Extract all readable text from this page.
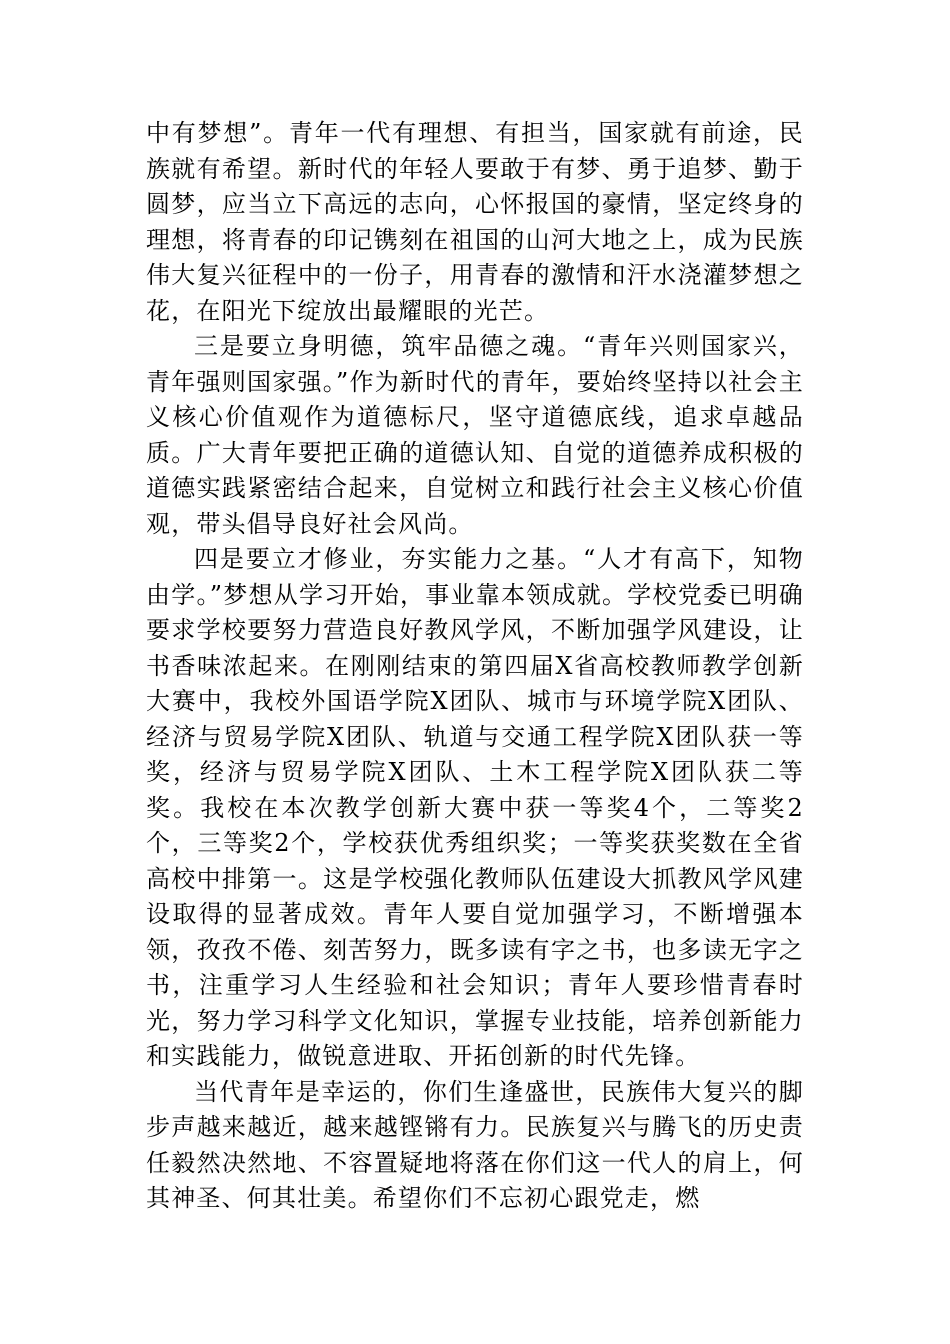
中有梦想”。青年一代有理想、有担当，国家就有前途，民族就有希望。新时代的年轻人要敢于有梦、勇于追梦、勤于圆梦，应当立下高远的志向，心怀报国的豪情，坚定终身的理想，将青春的印记镌刻在祖国的山河大地之上，成为民族伟大复兴征程中的一份子，用青春的激情和汗水浇灌梦想之花，在阳光下绽放出最耀眼的光芒。

三是要立身明德，筑牢品德之魂。“青年兴则国家兴，青年强则国家强。”作为新时代的青年，要始终坚持以社会主义核心价值观作为道德标尺，坚守道德底线，追求卓越品质。广大青年要把正确的道德认知、自觉的道德养成积极的道德实践紧密结合起来，自觉树立和践行社会主义核心价值观，带头倡导良好社会风尚。

四是要立才修业，夯实能力之基。“人才有高下，知物由学。”梦想从学习开始，事业靠本领成就。学校党委已明确要求学校要努力营造良好教风学风，不断加强学风建设，让书香味浓起来。在刚刚结束的第四届X省高校教师教学创新大赛中，我校外国语学院X团队、城市与环境学院X团队、经济与贸易学院X团队、轨道与交通工程学院X团队获一等奖，经济与贸易学院X团队、土木工程学院X团队获二等奖。我校在本次教学创新大赛中获一等奖4个，二等奖2个，三等奖2个，学校获优秀组织奖；一等奖获奖数在全省高校中排第一。这是学校强化教师队伍建设大抓教风学风建设取得的显著成效。青年人要自觉加强学习，不断增强本领，孜孜不倦、刻苦努力，既多读有字之书，也多读无字之书，注重学习人生经验和社会知识；青年人要珍惜青春时光，努力学习科学文化知识，掌握专业技能，培养创新能力和实践能力，做锐意进取、开拓创新的时代先锋。

当代青年是幸运的，你们生逢盛世，民族伟大复兴的脚步声越来越近，越来越铿锵有力。民族复兴与腾飞的历史责任毅然决然地、不容置疑地将落在你们这一代人的肩上，何其神圣、何其壮美。希望你们不忘初心跟党走，燃
